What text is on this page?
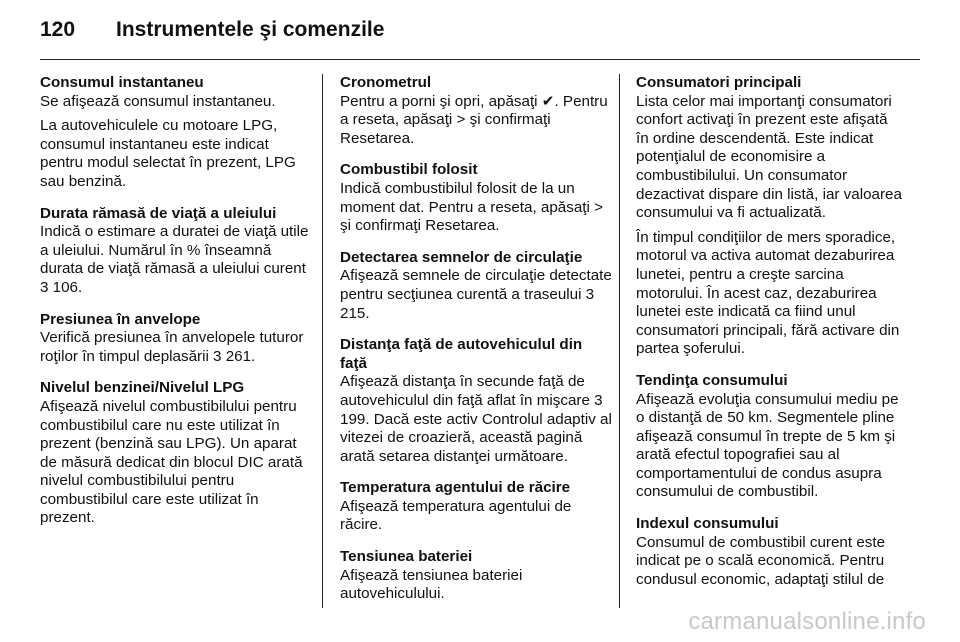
120	Instrumentele şi comenzile
Consumul instantaneu

Se afişează consumul instantaneu.

La autovehiculele cu motoare LPG, consumul instantaneu este indicat pentru modul selectat în prezent, LPG sau benzină.

Durata rămasă de viaţă a uleiului

Indică o estimare a duratei de viaţă utile a uleiului. Numărul în % înseamnă durata de viaţă rămasă a uleiului curent 3 106.

Presiunea în anvelope

Verifică presiunea în anvelopele tuturor roţilor în timpul deplasării 3 261.

Nivelul benzinei/Nivelul LPG

Afişează nivelul combustibilului pentru combustibilul care nu este utilizat în prezent (benzină sau LPG). Un aparat de măsură dedicat din blocul DIC arată nivelul combustibilului pentru combustibilul care este utilizat în prezent.

Cronometrul

Pentru a porni şi opri, apăsaţi ✔. Pentru a reseta, apăsaţi > şi confirmaţi Resetarea.

Combustibil folosit

Indică combustibilul folosit de la un moment dat. Pentru a reseta, apăsaţi > şi confirmaţi Resetarea.

Detectarea semnelor de circulaţie

Afişează semnele de circulaţie detectate pentru secţiunea curentă a traseului 3 215.

Distanţa faţă de autovehiculul din faţă

Afişează distanţa în secunde faţă de autovehiculul din faţă aflat în mişcare 3 199. Dacă este activ Controlul adaptiv al vitezei de croazieră, această pagină arată setarea distanţei următoare.

Temperatura agentului de răcire

Afişează temperatura agentului de răcire.

Tensiunea bateriei

Afişează tensiunea bateriei autovehiculului.

Consumatori principali

Lista celor mai importanţi consumatori confort activaţi în prezent este afişată în ordine descendentă. Este indicat potenţialul de economisire a combustibilului. Un consumator dezactivat dispare din listă, iar valoarea consumului va fi actualizată.

În timpul condiţiilor de mers sporadice, motorul va activa automat dezaburirea lunetei, pentru a creşte sarcina motorului. În acest caz, dezaburirea lunetei este indicată ca fiind unul consumatori principali, fără activare din partea şoferului.

Tendinţa consumului

Afişează evoluţia consumului mediu pe o distanţă de 50 km. Segmentele pline afişează consumul în trepte de 5 km şi arată efectul topografiei sau al comportamentului de condus asupra consumului de combustibil.

Indexul consumului

Consumul de combustibil curent este indicat pe o scală economică. Pentru condusul economic, adaptaţi stilul de

carmanualsonline.info
